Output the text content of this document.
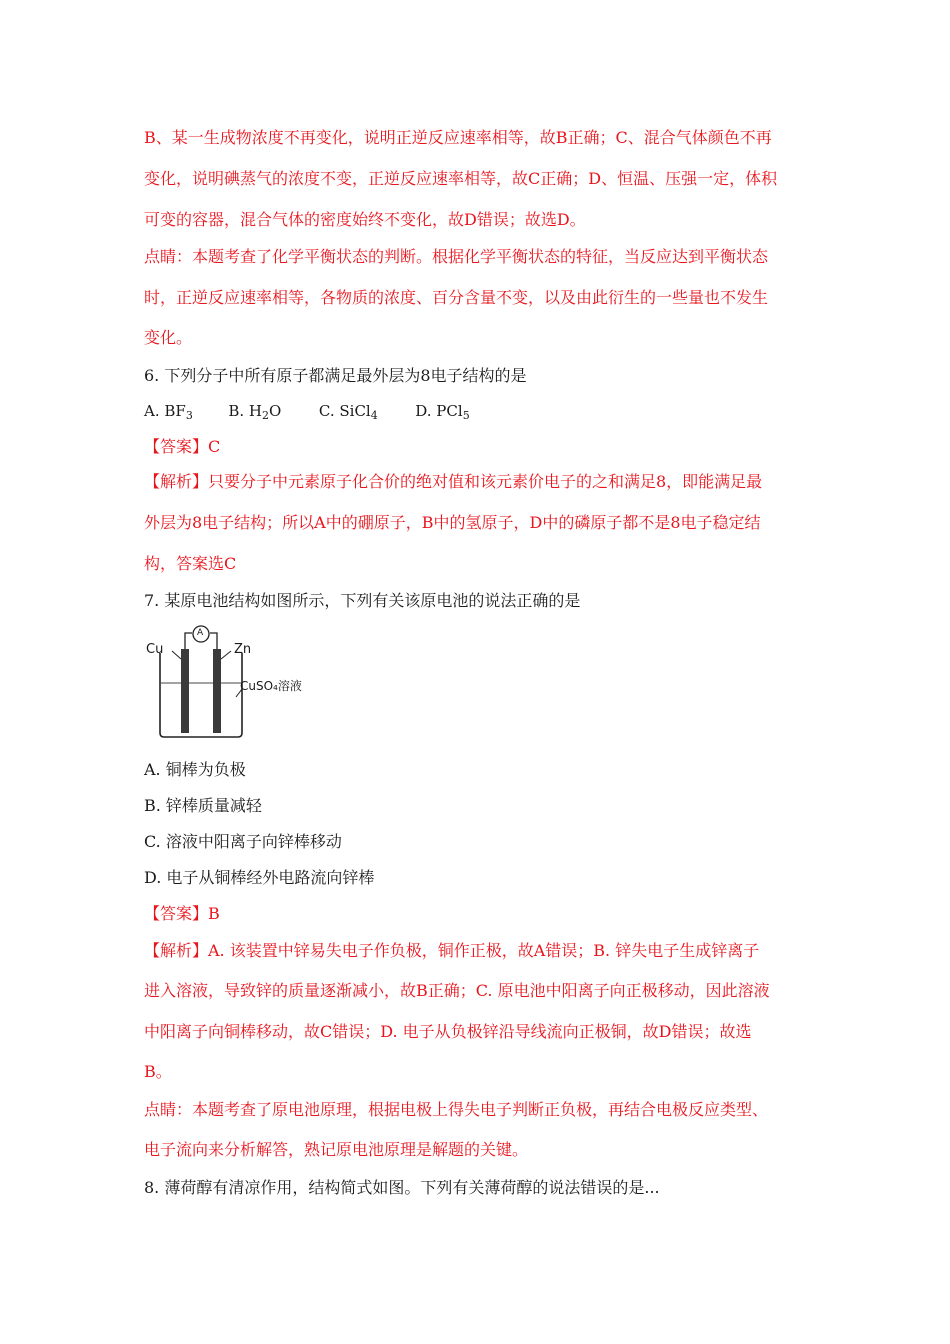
B、某一生成物浓度不再变化，说明正逆反应速率相等，故B正确；C、混合气体颜色不再
变化，说明碘蒸气的浓度不变，正逆反应速率相等，故C正确；D、恒温、压强一定，体积
可变的容器，混合气体的密度始终不变化，故D错误；故选D。
点睛：本题考查了化学平衡状态的判断。根据化学平衡状态的特征，当反应达到平衡状态
时，正逆反应速率相等，各物质的浓度、百分含量不变，以及由此衍生的一些量也不发生
变化。
6. 下列分子中所有原子都满足最外层为8电子结构的是
A. $BF_3$ B. $H_2O$	C. SiCl$_4$	D. PCl$_5$
【答案】C
【解析】只要分子中元素原子化合价的绝对值和该元素价电子的之和满足8，即能满足最
外层为8电子结构；所以A中的硼原子，B中的氢原子，D中的磷原子都不是8电子稳定结
构，答案选C
7. 某原电池结构如图所示，下列有关该原电池的说法正确的是
A
Cu	Zn
CuSO₄溶液
A. 铜棒为负极
B. 锌棒质量减轻
C. 溶液中阳离子向锌棒移动
D. 电子从铜棒经外电路流向锌棒
【答案】B
【解析】A. 该装置中锌易失电子作负极，铜作正极，故A错误；B. 锌失电子生成锌离子
进入溶液，导致锌的质量逐渐减小，故B正确；C. 原电池中阳离子向正极移动，因此溶液
中阳离子向铜棒移动，故C错误；D. 电子从负极锌沿导线流向正极铜，故D错误；故选
B。
点睛：本题考查了原电池原理，根据电极上得失电子判断正负极，再结合电极反应类型、
电子流向来分析解答，熟记原电池原理是解题的关键。
8. 薄荷醇有清凉作用，结构简式如图。下列有关薄荷醇的说法错误的是...
